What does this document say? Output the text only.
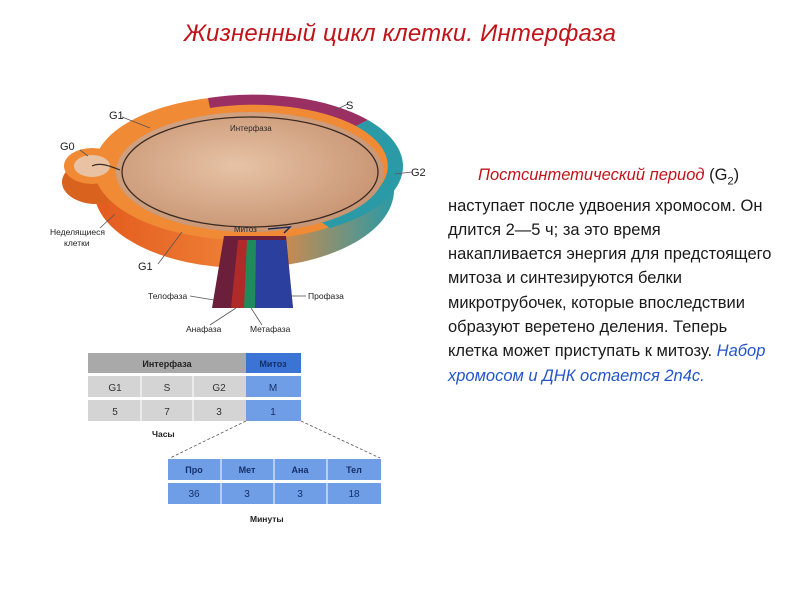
Жизненный цикл клетки. Интерфаза
G1
S
G0
G2
Интерфаза
Митоз
Неделящиеся
клетки
G1
Телофаза	Профаза
Анафаза	Метафаза
Интерфаза	Митоз
G1	S	G2	M
5	7	3	1
Часы
Про	Мет	Ана	Тел
36	3	3	18
Минуты
Постсинтетический период $(G_2)$ наступает после удвоения хромосом. Он длится 2—5 ч; за это время накапливается энергия для предстоящего митоза и синтезируются белки микротрубочек, которые впоследствии образуют веретено деления. Теперь клетка может приступать к митозу. Набор хромосом и ДНК остается 2n4c.
